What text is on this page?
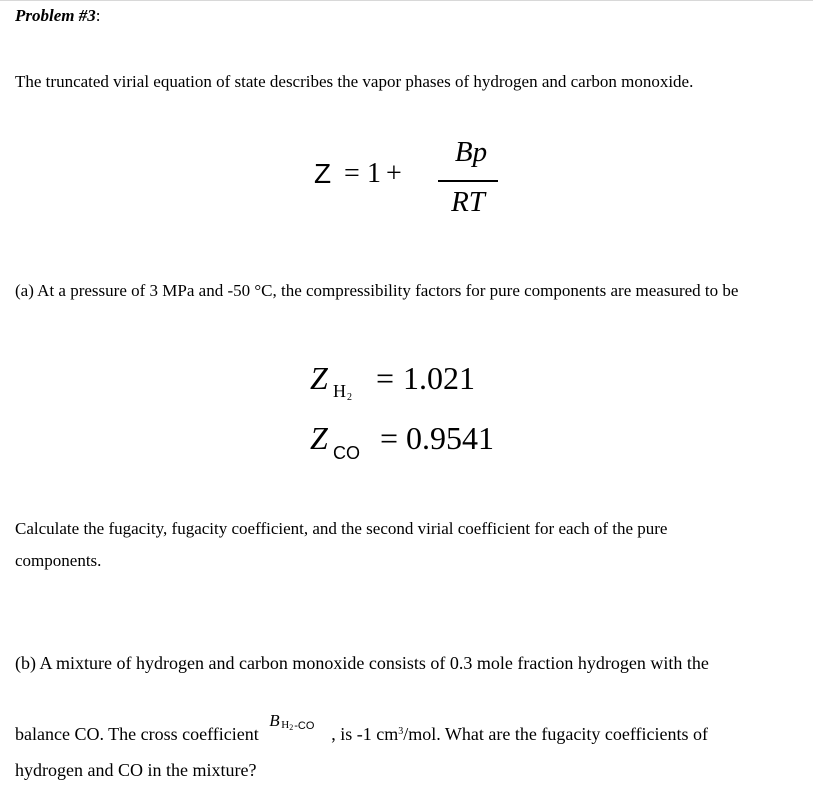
Problem #3:
The truncated virial equation of state describes the vapor phases of hydrogen and carbon monoxide.
Z = 1 +
Bp
RT
(a) At a pressure of 3 MPa and -50 °C, the compressibility factors for pure components are measured to be
Z H 2
= 1.021
Z CO = 0.9541
Calculate the fugacity, fugacity coefficient, and the second virial coefficient for each of the pure
components.
(b) A mixture of hydrogen and carbon monoxide consists of 0.3 mole fraction hydrogen with the
balance CO. The cross coefficient
B H 2 -CO , is -1 $cm^3$/mol. What are the fugacity coefficients of
hydrogen and CO in the mixture?
